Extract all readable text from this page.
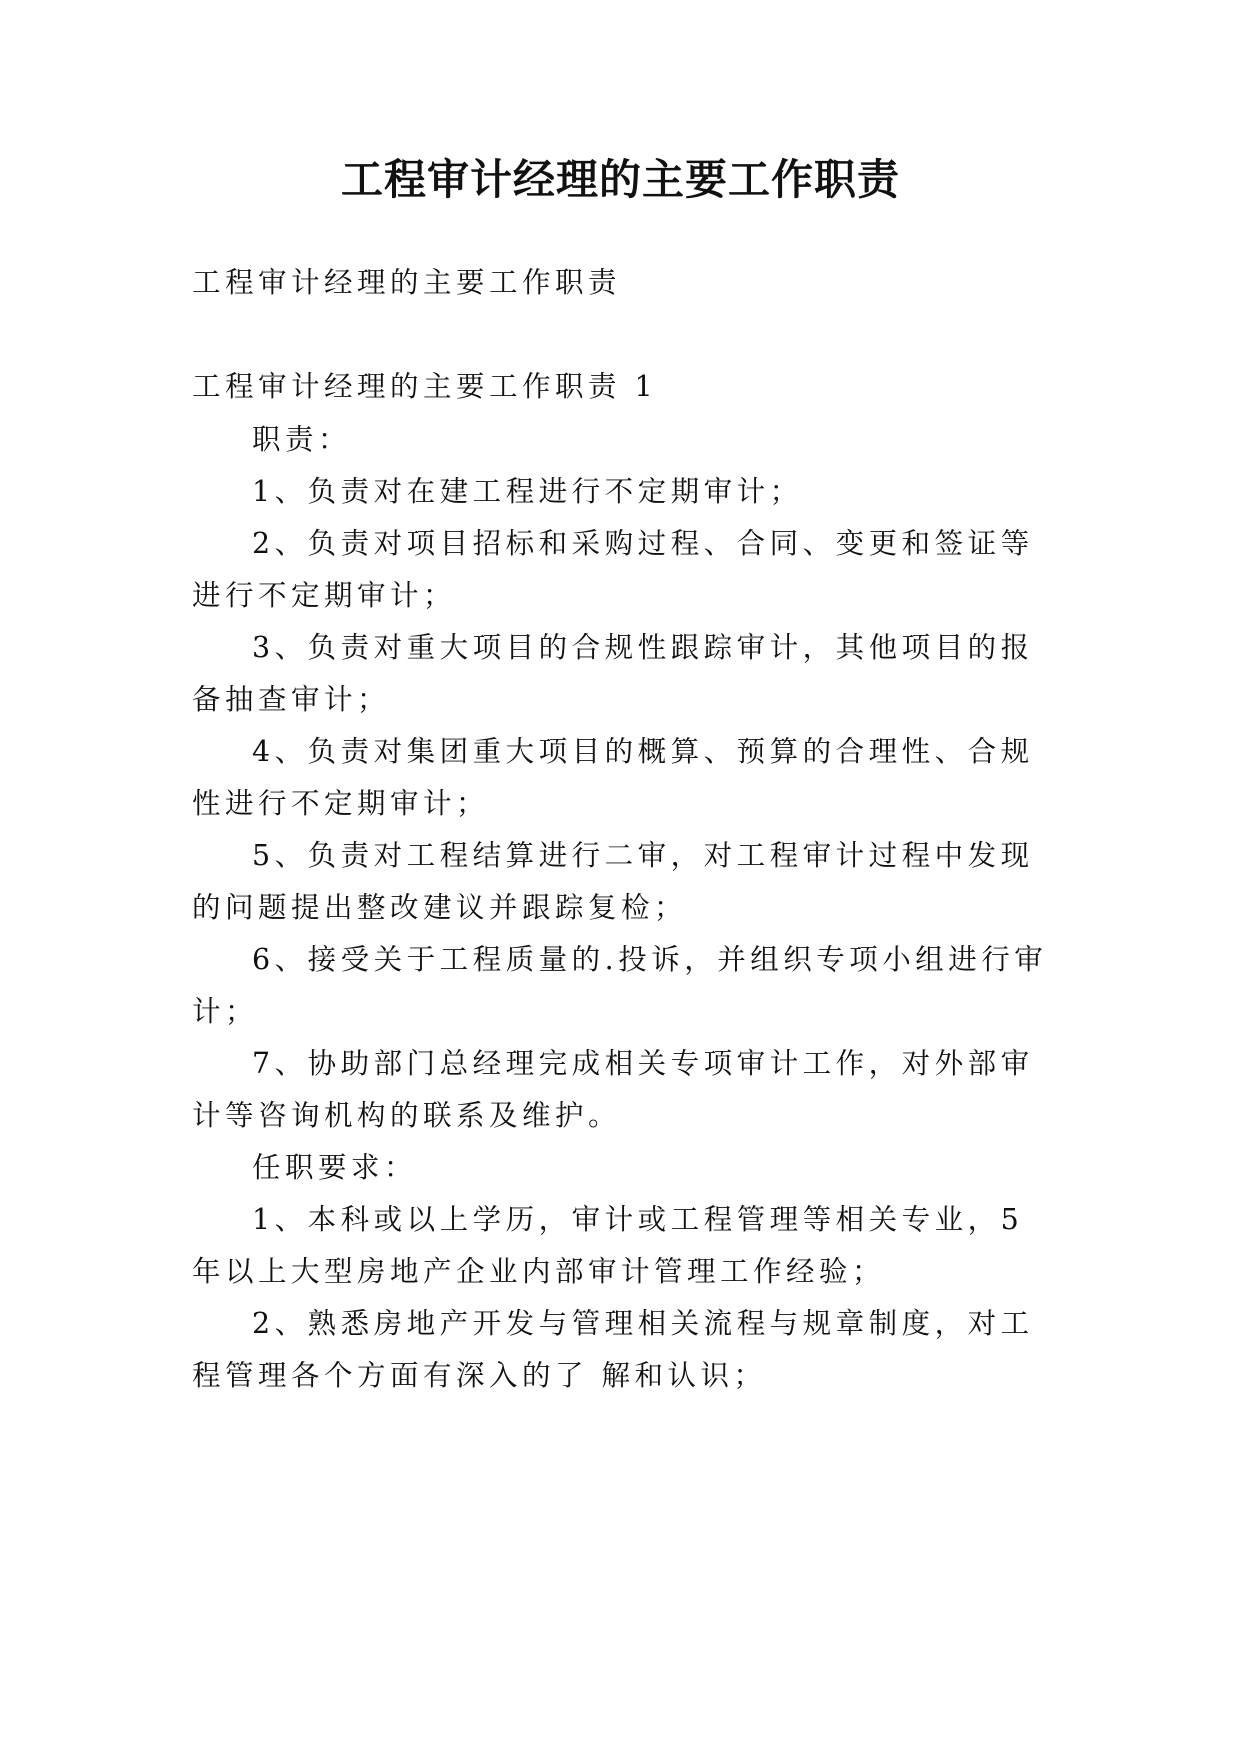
工程审计经理的主要工作职责

工程审计经理的主要工作职责

工程审计经理的主要工作职责 1

职责：

1、负责对在建工程进行不定期审计；

2、负责对项目招标和采购过程、合同、变更和签证等

进行不定期审计；

3、负责对重大项目的合规性跟踪审计，其他项目的报

备抽查审计；

4、负责对集团重大项目的概算、预算的合理性、合规

性进行不定期审计；

5、负责对工程结算进行二审，对工程审计过程中发现

的问题提出整改建议并跟踪复检；

6、接受关于工程质量的.投诉，并组织专项小组进行审

计；

7、协助部门总经理完成相关专项审计工作，对外部审

计等咨询机构的联系及维护。

任职要求：

1、本科或以上学历，审计或工程管理等相关专业，5

年以上大型房地产企业内部审计管理工作经验；

2、熟悉房地产开发与管理相关流程与规章制度，对工

程管理各个方面有深入的了 解和认识；
